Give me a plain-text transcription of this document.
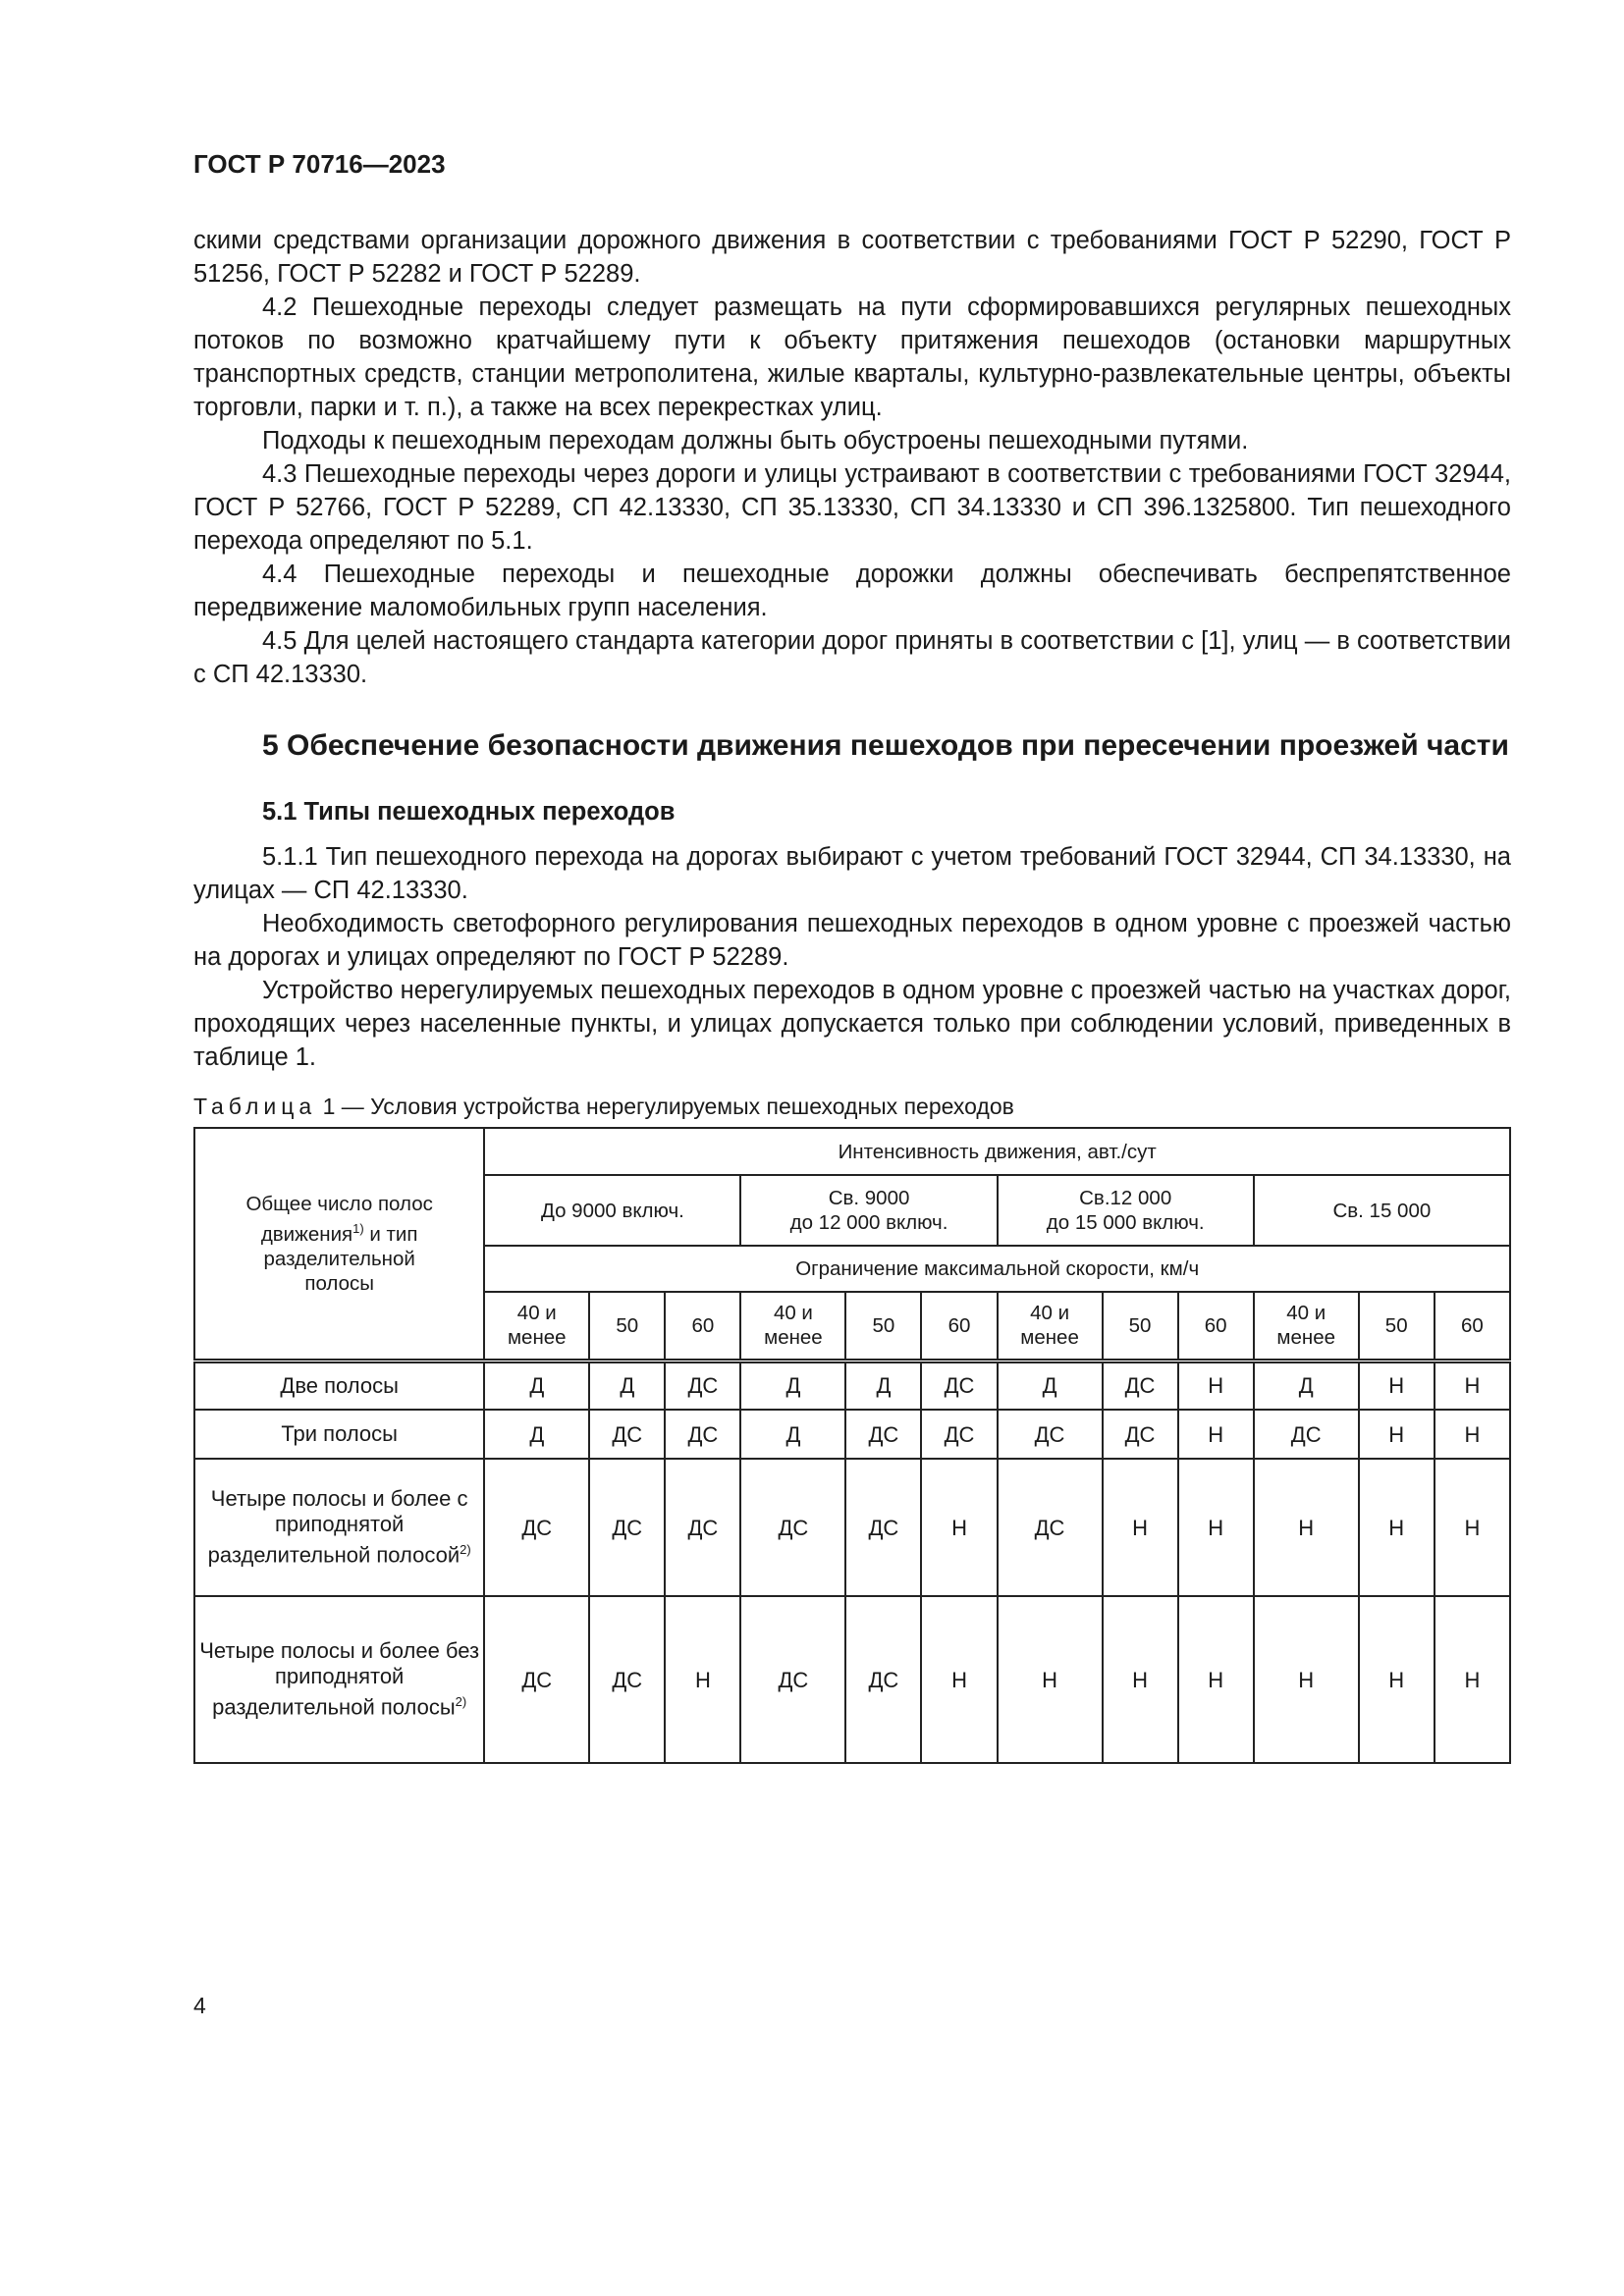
ГОСТ Р 70716—2023

скими средствами организации дорожного движения в соответствии с требованиями ГОСТ Р 52290, ГОСТ Р 51256, ГОСТ Р 52282 и ГОСТ Р 52289.

4.2 Пешеходные переходы следует размещать на пути сформировавшихся регулярных пешеходных потоков по возможно кратчайшему пути к объекту притяжения пешеходов (остановки маршрутных транспортных средств, станции метрополитена, жилые кварталы, культурно-развлекательные центры, объекты торговли, парки и т. п.), а также на всех перекрестках улиц.

Подходы к пешеходным переходам должны быть обустроены пешеходными путями.

4.3 Пешеходные переходы через дороги и улицы устраивают в соответствии с требованиями ГОСТ 32944, ГОСТ Р 52766, ГОСТ Р 52289, СП 42.13330, СП 35.13330, СП 34.13330 и СП 396.1325800. Тип пешеходного перехода определяют по 5.1.

4.4 Пешеходные переходы и пешеходные дорожки должны обеспечивать беспрепятственное передвижение маломобильных групп населения.

4.5 Для целей настоящего стандарта категории дорог приняты в соответствии с [1], улиц — в соответствии с СП 42.13330.

5 Обеспечение безопасности движения пешеходов при пересечении проезжей части
5.1 Типы пешеходных переходов

5.1.1 Тип пешеходного перехода на дорогах выбирают с учетом требований ГОСТ 32944, СП 34.13330, на улицах — СП 42.13330.

Необходимость светофорного регулирования пешеходных переходов в одном уровне с проезжей частью на дорогах и улицах определяют по ГОСТ Р 52289.

Устройство нерегулируемых пешеходных переходов в одном уровне с проезжей частью на участках дорог, проходящих через населенные пункты, и улицах допускается только при соблюдении условий, приведенных в таблице 1.

Таблица 1 — Условия устройства нерегулируемых пешеходных переходов
Общее число полос
движения$^{1)}$ и тип
разделительной
полосы	Интенсивность движения, авт./сут											
	До 9000 включ.			Св. 9000
до 12 000 включ.			Св.12 000
до 15 000 включ.			Св. 15 000		
	Ограничение максимальной скорости, км/ч											
	40 и
менее	50	60	40 и
менее	50	60	40 и
менее	50	60	40 и
менее	50	60
Две полосы	Д	Д	ДС	Д	Д	ДС	Д	ДС	Н	Д	Н	Н
Три полосы	Д	ДС	ДС	Д	ДС	ДС	ДС	ДС	Н	ДС	Н	Н
Четыре полосы и более с приподнятой разделительной полосой$^{2)}$	ДС	ДС	ДС	ДС	ДС	Н	ДС	Н	Н	Н	Н	Н
Четыре полосы и более без приподнятой разделительной полосы$^{2)}$	ДС	ДС	Н	ДС	ДС	Н	Н	Н	Н	Н	Н	Н
4
